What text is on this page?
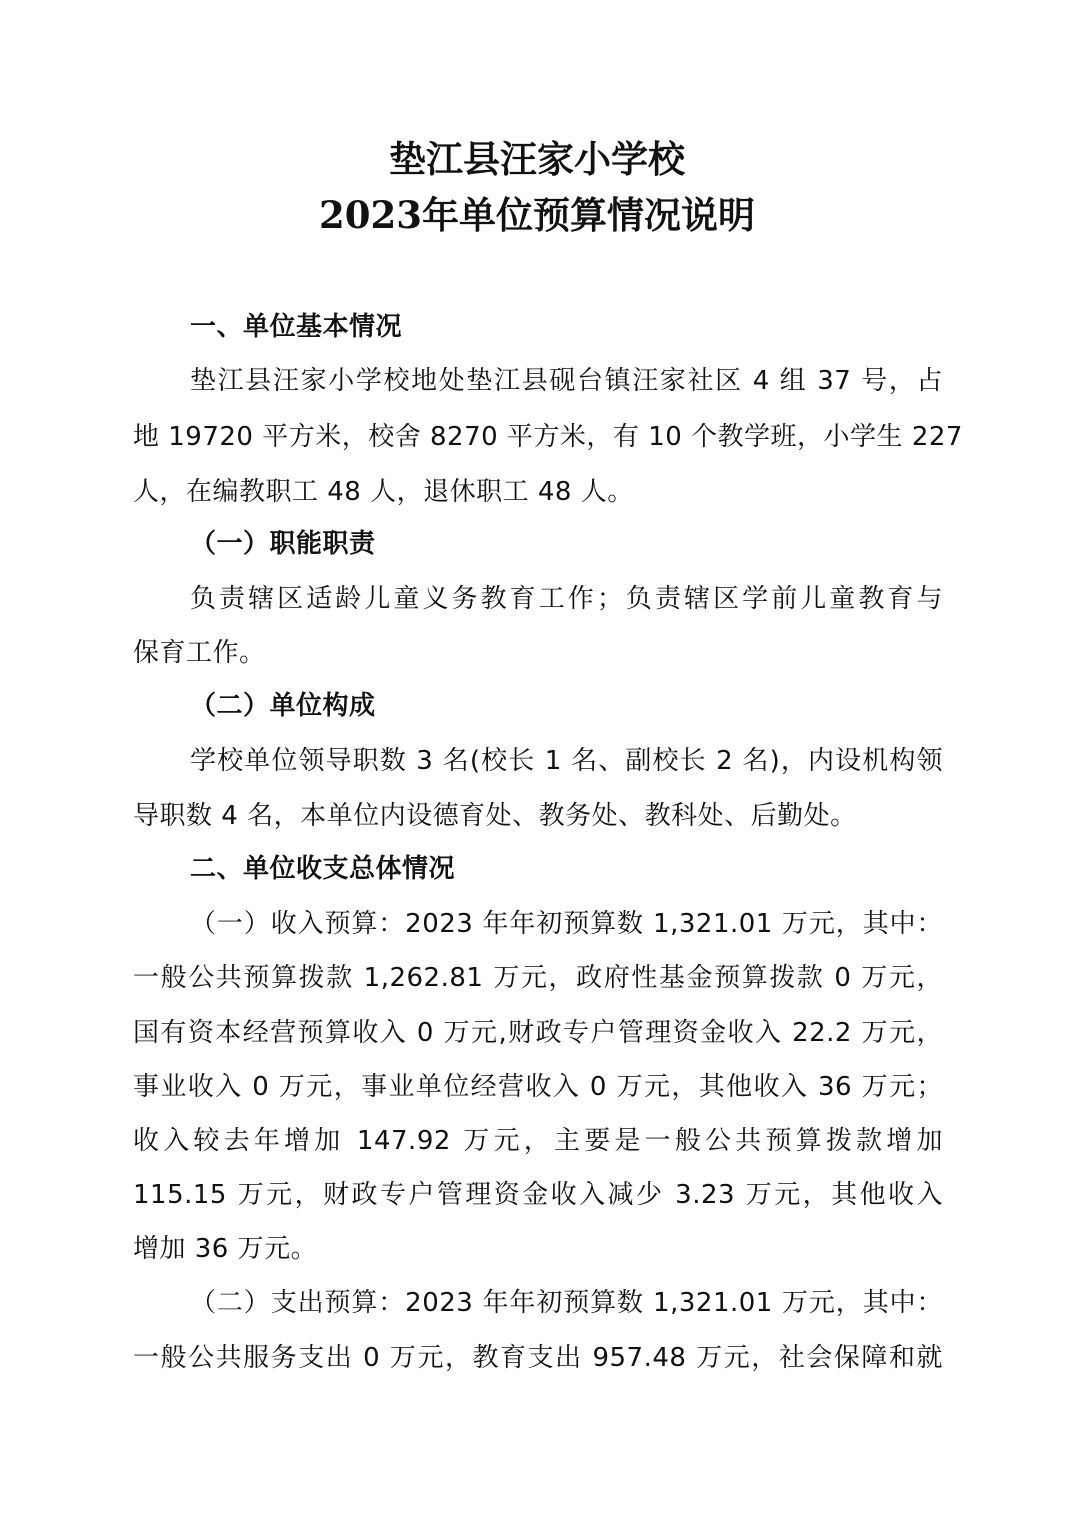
垫江县汪家小学校
2023年单位预算情况说明
一、单位基本情况
垫江县汪家小学校地处垫江县砚台镇汪家社区 4 组 37 号，占
地 19720 平方米，校舍 8270 平方米，有 10 个教学班，小学生 227
人，在编教职工 48 人，退休职工 48 人。
（一）职能职责
负责辖区适龄儿童义务教育工作；负责辖区学前儿童教育与
保育工作。
（二）单位构成
学校单位领导职数 3 名(校长 1 名、副校长 2 名)，内设机构领
导职数 4 名，本单位内设德育处、教务处、教科处、后勤处。
二、单位收支总体情况
（一）收入预算：2023 年年初预算数 1,321.01 万元，其中：
一般公共预算拨款 1,262.81 万元，政府性基金预算拨款 0 万元，
国有资本经营预算收入 0 万元,财政专户管理资金收入 22.2 万元，
事业收入 0 万元，事业单位经营收入 0 万元，其他收入 36 万元；
收入较去年增加 147.92 万元，主要是一般公共预算拨款增加
115.15 万元，财政专户管理资金收入减少 3.23 万元，其他收入
增加 36 万元。
（二）支出预算：2023 年年初预算数 1,321.01 万元，其中：
一般公共服务支出 0 万元，教育支出 957.48 万元，社会保障和就
